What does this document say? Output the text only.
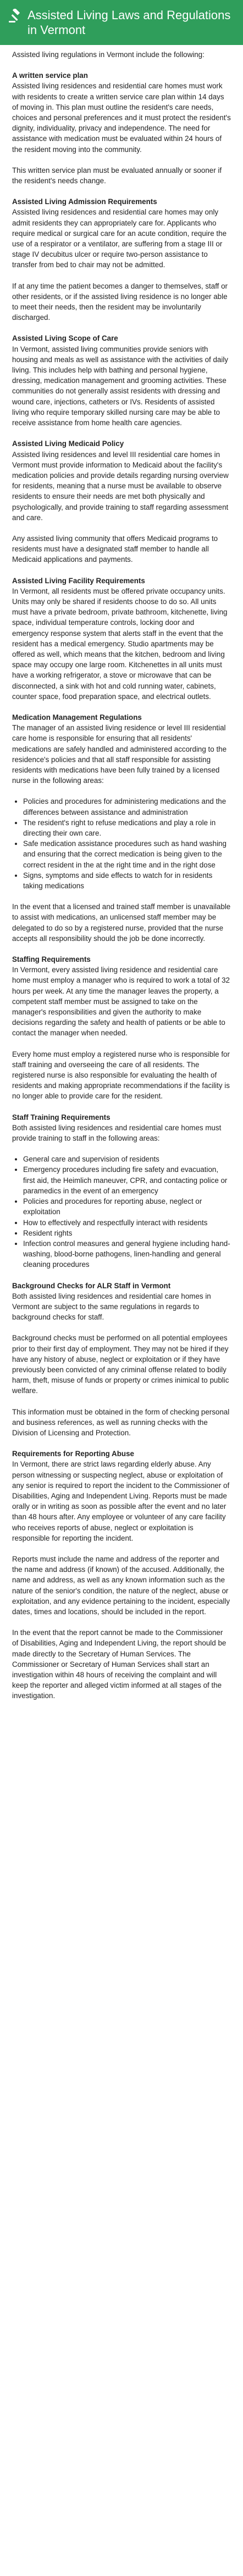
Assisted Living Laws and Regulations in Vermont

Assisted living regulations in Vermont include the following:

A written service plan

Assisted living residences and residential care homes must work with residents to create a written service care plan within 14 days of moving in. This plan must outline the resident's care needs, choices and personal preferences and it must protect the resident's dignity, individuality, privacy and independence. The need for assistance with medication must be evaluated within 24 hours of the resident moving into the community.

This written service plan must be evaluated annually or sooner if the resident's needs change.

Assisted Living Admission Requirements

Assisted living residences and residential care homes may only admit residents they can appropriately care for. Applicants who require medical or surgical care for an acute condition, require the use of a respirator or a ventilator, are suffering from a stage III or stage IV decubitus ulcer or require two-person assistance to transfer from bed to chair may not be admitted.

If at any time the patient becomes a danger to themselves, staff or other residents, or if the assisted living residence is no longer able to meet their needs, then the resident may be involuntarily discharged.

Assisted Living Scope of Care

In Vermont, assisted living communities provide seniors with housing and meals as well as assistance with the activities of daily living. This includes help with bathing and personal hygiene, dressing, medication management and grooming activities. These communities do not generally assist residents with dressing and wound care, injections, catheters or IVs. Residents of assisted living who require temporary skilled nursing care may be able to receive assistance from home health care agencies.

Assisted Living Medicaid Policy

Assisted living residences and level III residential care homes in Vermont must provide information to Medicaid about the facility's medication policies and provide details regarding nursing overview for residents, meaning that a nurse must be available to observe residents to ensure their needs are met both physically and psychologically, and provide training to staff regarding assessment and care.

Any assisted living community that offers Medicaid programs to residents must have a designated staff member to handle all Medicaid applications and payments.

Assisted Living Facility Requirements

In Vermont, all residents must be offered private occupancy units. Units may only be shared if residents choose to do so. All units must have a private bedroom, private bathroom, kitchenette, living space, individual temperature controls, locking door and emergency response system that alerts staff in the event that the resident has a medical emergency. Studio apartments may be offered as well, which means that the kitchen, bedroom and living space may occupy one large room. Kitchenettes in all units must have a working refrigerator, a stove or microwave that can be disconnected, a sink with hot and cold running water, cabinets, counter space, food preparation space, and electrical outlets.

Medication Management Regulations

The manager of an assisted living residence or level III residential care home is responsible for ensuring that all residents' medications are safely handled and administered according to the residence's policies and that all staff responsible for assisting residents with medications have been fully trained by a licensed nurse in the following areas:

• Policies and procedures for administering medications and the differences between assistance and administration
• The resident's right to refuse medications and play a role in directing their own care.
• Safe medication assistance procedures such as hand washing and ensuring that the correct medication is being given to the correct resident in the at the right time and in the right dose
• Signs, symptoms and side effects to watch for in residents taking medications

In the event that a licensed and trained staff member is unavailable to assist with medications, an unlicensed staff member may be delegated to do so by a registered nurse, provided that the nurse accepts all responsibility should the job be done incorrectly.

Staffing Requirements

In Vermont, every assisted living residence and residential care home must employ a manager who is required to work a total of 32 hours per week. At any time the manager leaves the property, a competent staff member must be assigned to take on the manager's responsibilities and given the authority to make decisions regarding the safety and health of patients or be able to contact the manager when needed.

Every home must employ a registered nurse who is responsible for staff training and overseeing the care of all residents. The registered nurse is also responsible for evaluating the health of residents and making appropriate recommendations if the facility is no longer able to provide care for the resident.

Staff Training Requirements

Both assisted living residences and residential care homes must provide training to staff in the following areas:

• General care and supervision of residents
• Emergency procedures including fire safety and evacuation, first aid, the Heimlich maneuver, CPR, and contacting police or paramedics in the event of an emergency
• Policies and procedures for reporting abuse, neglect or exploitation
• How to effectively and respectfully interact with residents
• Resident rights
• Infection control measures and general hygiene including hand-washing, blood-borne pathogens, linen-handling and general cleaning procedures
Background Checks for ALR Staff in Vermont

Both assisted living residences and residential care homes in Vermont are subject to the same regulations in regards to background checks for staff.

Background checks must be performed on all potential employees prior to their first day of employment. They may not be hired if they have any history of abuse, neglect or exploitation or if they have previously been convicted of any criminal offense related to bodily harm, theft, misuse of funds or property or crimes inimical to public welfare.

This information must be obtained in the form of checking personal and business references, as well as running checks with the Division of Licensing and Protection.

Requirements for Reporting Abuse

In Vermont, there are strict laws regarding elderly abuse. Any person witnessing or suspecting neglect, abuse or exploitation of any senior is required to report the incident to the Commissioner of Disabilities, Aging and Independent Living. Reports must be made orally or in writing as soon as possible after the event and no later than 48 hours after. Any employee or volunteer of any care facility who receives reports of abuse, neglect or exploitation is responsible for reporting the incident.

Reports must include the name and address of the reporter and the name and address (if known) of the accused. Additionally, the name and address, as well as any known information such as the nature of the senior's condition, the nature of the neglect, abuse or exploitation, and any evidence pertaining to the incident, especially dates, times and locations, should be included in the report.

In the event that the report cannot be made to the Commissioner of Disabilities, Aging and Independent Living, the report should be made directly to the Secretary of Human Services. The Commissioner or Secretary of Human Services shall start an investigation within 48 hours of receiving the complaint and will keep the reporter and alleged victim informed at all stages of the investigation.
